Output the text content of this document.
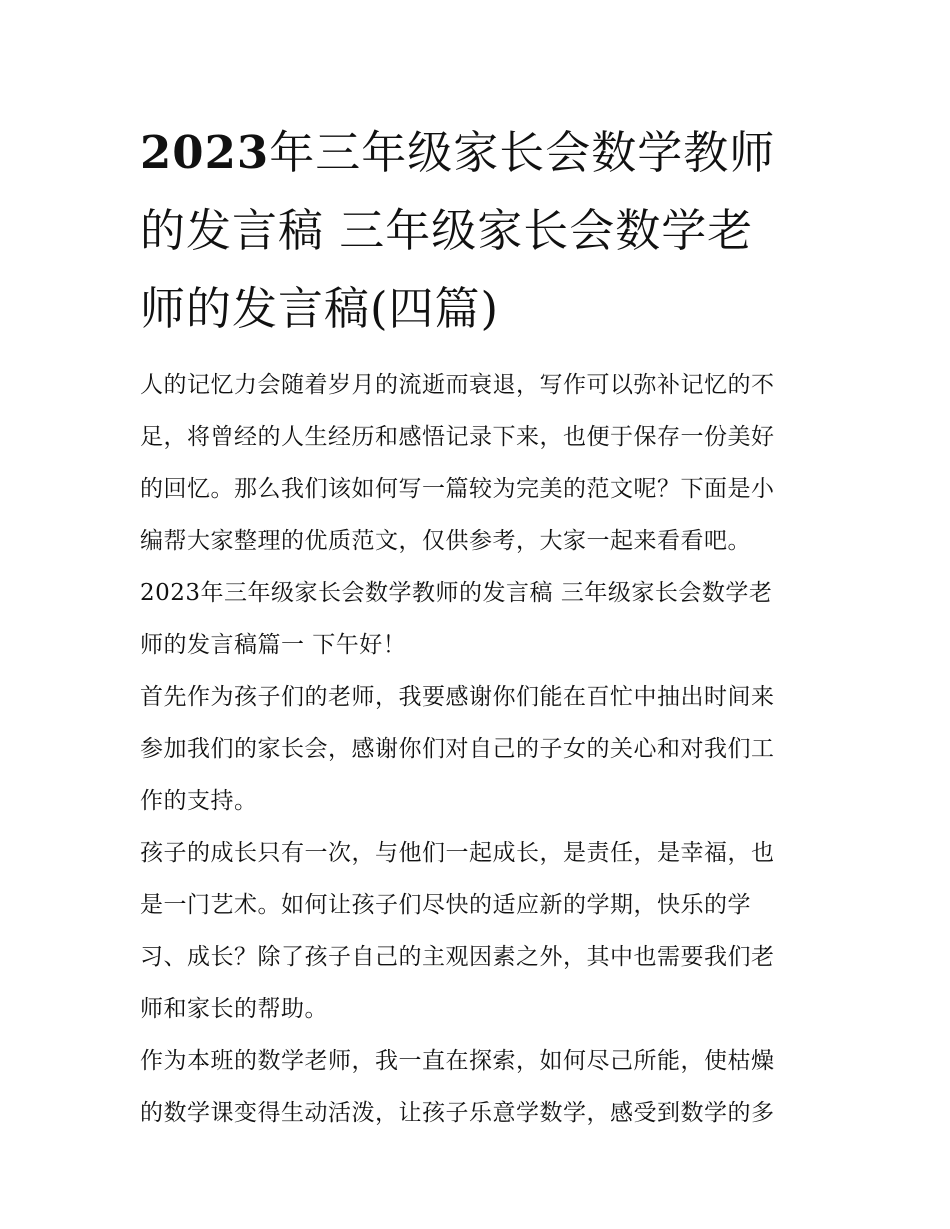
2023年三年级家长会数学教师
的发言稿 三年级家长会数学老
师的发言稿(四篇)
人的记忆力会随着岁月的流逝而衰退，写作可以弥补记忆的不
足，将曾经的人生经历和感悟记录下来，也便于保存一份美好
的回忆。那么我们该如何写一篇较为完美的范文呢？下面是小
编帮大家整理的优质范文，仅供参考，大家一起来看看吧。
2023年三年级家长会数学教师的发言稿 三年级家长会数学老
师的发言稿篇一 下午好！
首先作为孩子们的老师，我要感谢你们能在百忙中抽出时间来
参加我们的家长会，感谢你们对自己的子女的关心和对我们工
作的支持。
孩子的成长只有一次，与他们一起成长，是责任，是幸福，也
是一门艺术。如何让孩子们尽快的适应新的学期，快乐的学
习、成长？除了孩子自己的主观因素之外，其中也需要我们老
师和家长的帮助。
作为本班的数学老师，我一直在探索，如何尽己所能，使枯燥
的数学课变得生动活泼，让孩子乐意学数学，感受到数学的多
